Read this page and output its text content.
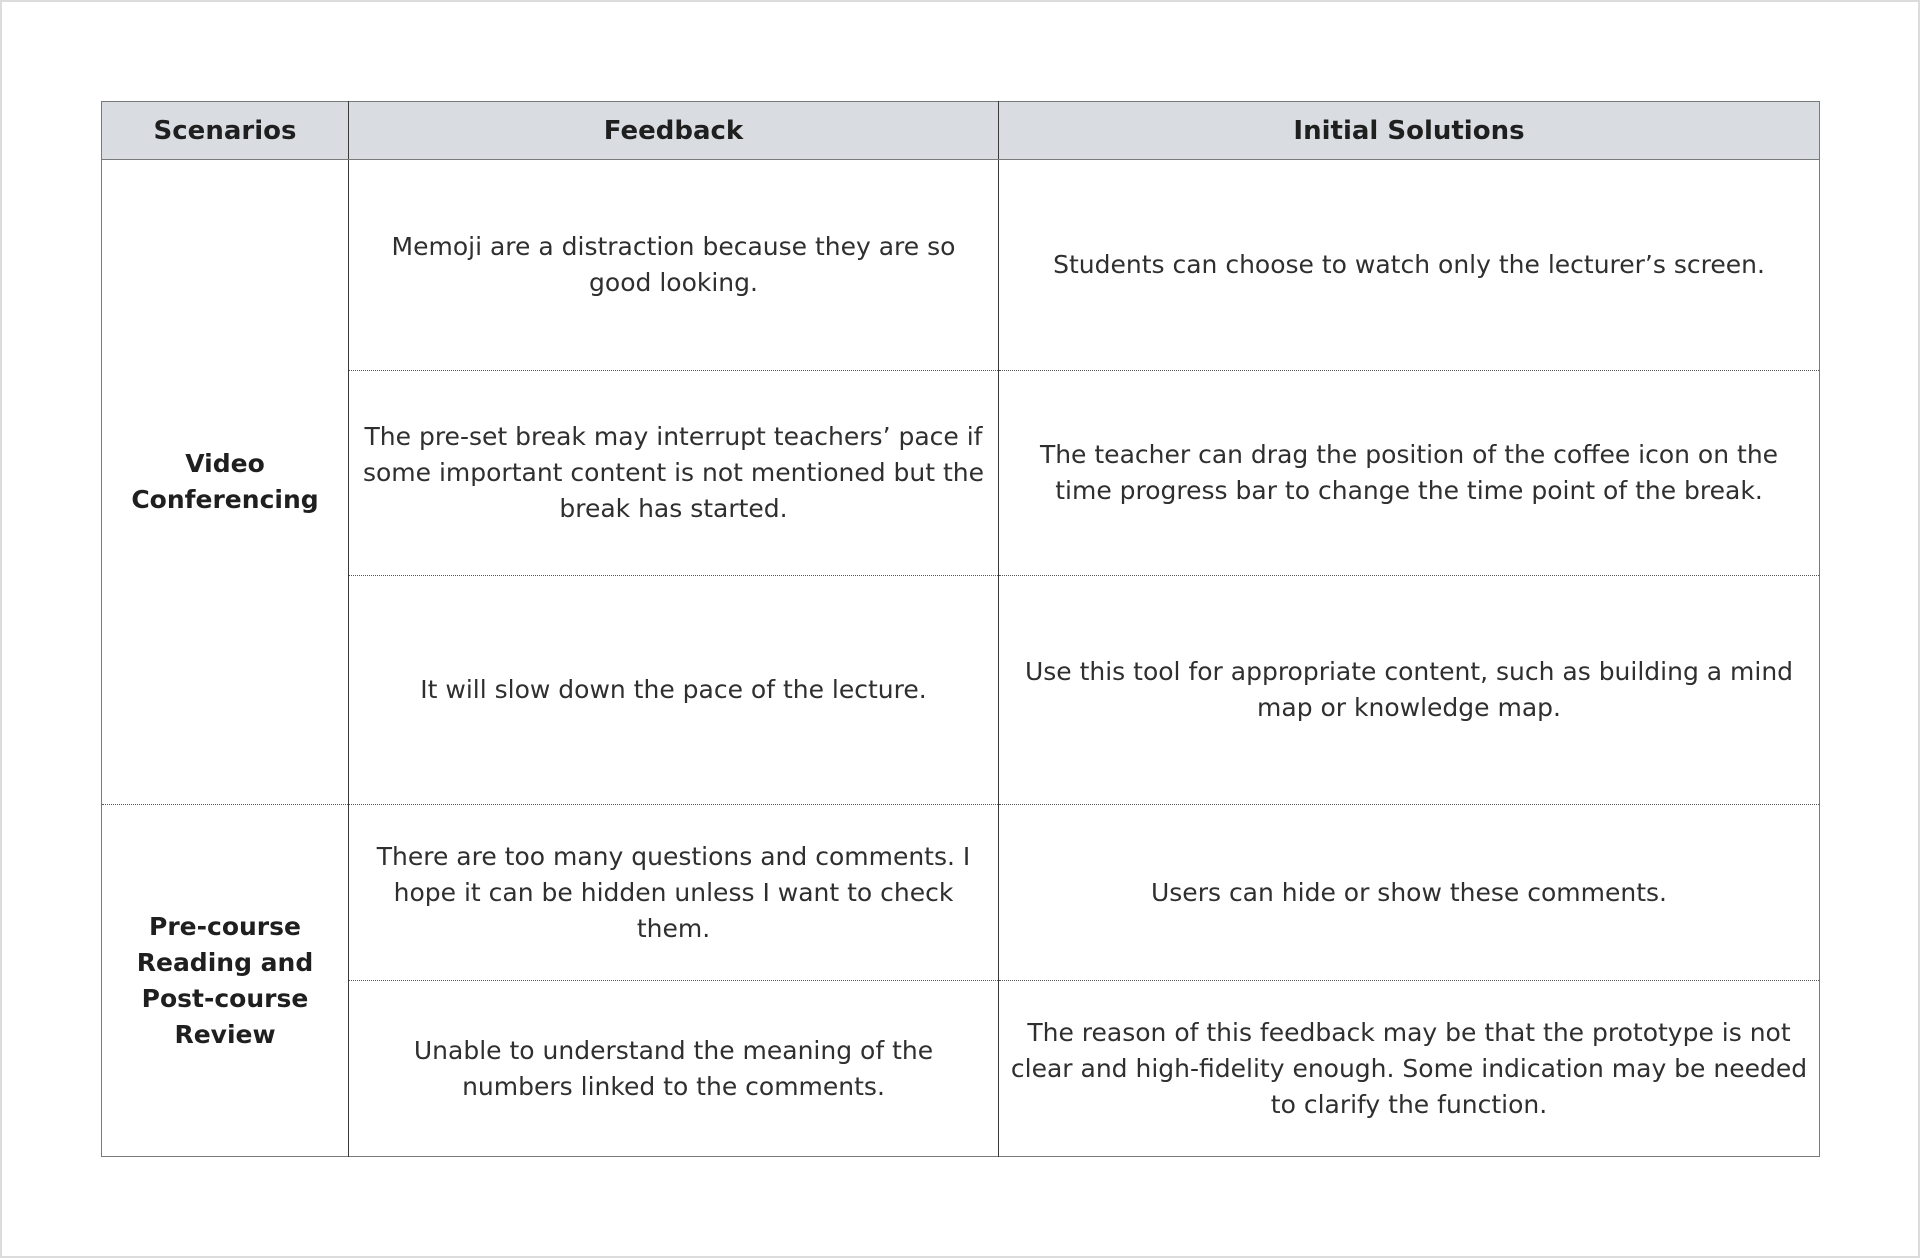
Scenarios	Feedback	Initial Solutions
Video Conferencing	Memoji are a distraction because they are so good looking.	Students can choose to watch only the lecturer’s screen.
	The pre-set break may interrupt teachers’ pace if some important content is not mentioned but the break has started.	The teacher can drag the position of the coffee icon on the time progress bar to change the time point of the break.
	It will slow down the pace of the lecture.	Use this tool for appropriate content, such as building a mind map or knowledge map.
Pre-course Reading and Post-course Review	There are too many questions and comments. I hope it can be hidden unless I want to check them.	Users can hide or show these comments.
	Unable to understand the meaning of the numbers linked to the comments.	The reason of this feedback may be that the prototype is not clear and high-fidelity enough. Some indication may be needed to clarify the function.
